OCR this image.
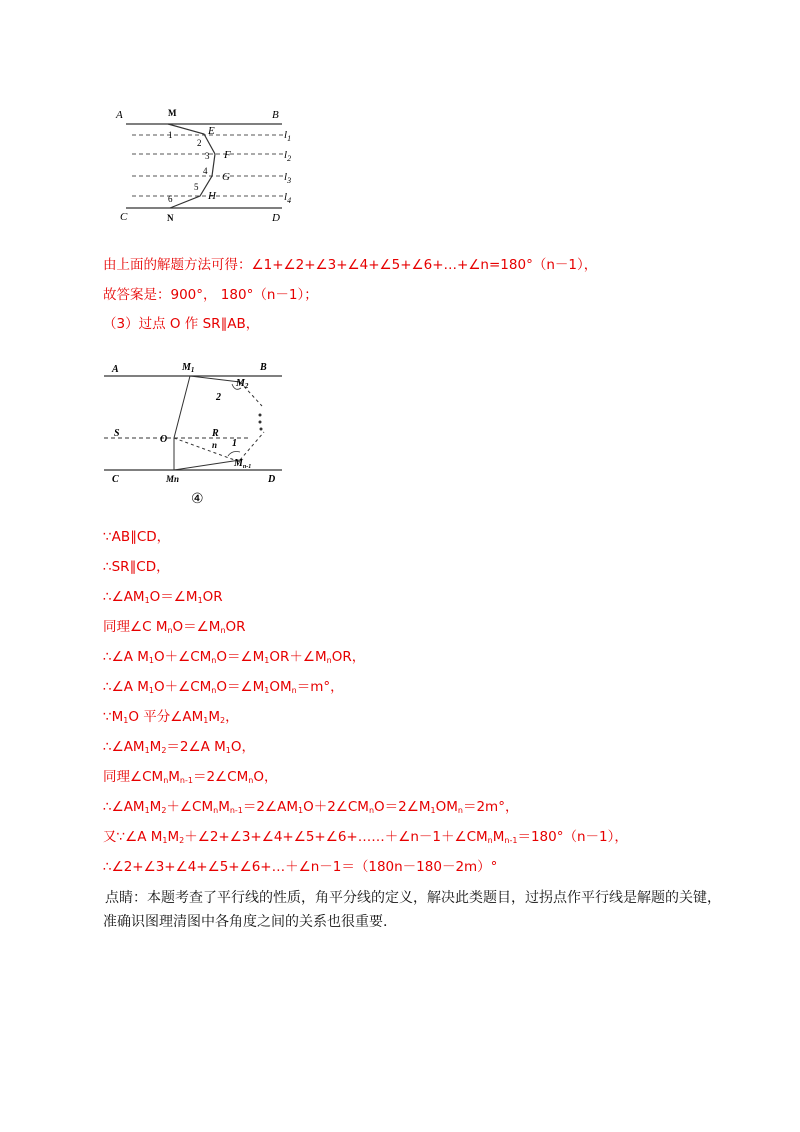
A	M	B
C	N	D
E
F
G
H
$l_1$
$l_2$
$l_3$
$l_4$
1
2
3
4
5
6
由上面的解题方法可得：∠1+∠2+∠3+∠4+∠5+∠6+…+∠n=180°（n－1），
故答案是：900°， 180°（n－1）；
（3）过点 O 作 SR∥AB，
A	$M_1$	B
$M_2$
2
S
O
R
n 1
C	Mn
$M_{n-1}$
D
④
∵AB∥CD，
∴SR∥CD，
$\therefore\angle AM_1O=\angle M_1OR$
同理∠C $M_nO=\angle M_nOR$
∴∠A $M_1O+\angle CM_nO=\angle M_1OR+\angle M_nOR$，
∴∠A $M_1O+\angle CM_nO=\angle M_1OM_n=m^\circ$，
$\because M_1O$ 平分$\angle AM_1M_2$，
$\therefore\angle AM_1M_2=2\angle A$ $M_1O$，
同理$\angle CM_nM_{n-1}=2\angle CM_nO$，
$\therefore\angle AM_1M_2+\angle CM_nM_{n-1}=2\angle AM_1O+2\angle CM_nO=2\angle M_1OM_n=2m^\circ$，
又∵∠A $M_1M_2+\angle 2+\angle 3+\angle 4+\angle 5+\angle 6+\dots\dots+\angle n-1+\angle CM_nM_{n-1}=180^\circ(n-1)$，
∴∠2+∠3+∠4+∠5+∠6+…＋∠n－1＝（180n－180－2m）°
点睛：本题考查了平行线的性质，角平分线的定义，解决此类题目，过拐点作平行线是解题的关键，准确识图理清图中各角度之间的关系也很重要.
